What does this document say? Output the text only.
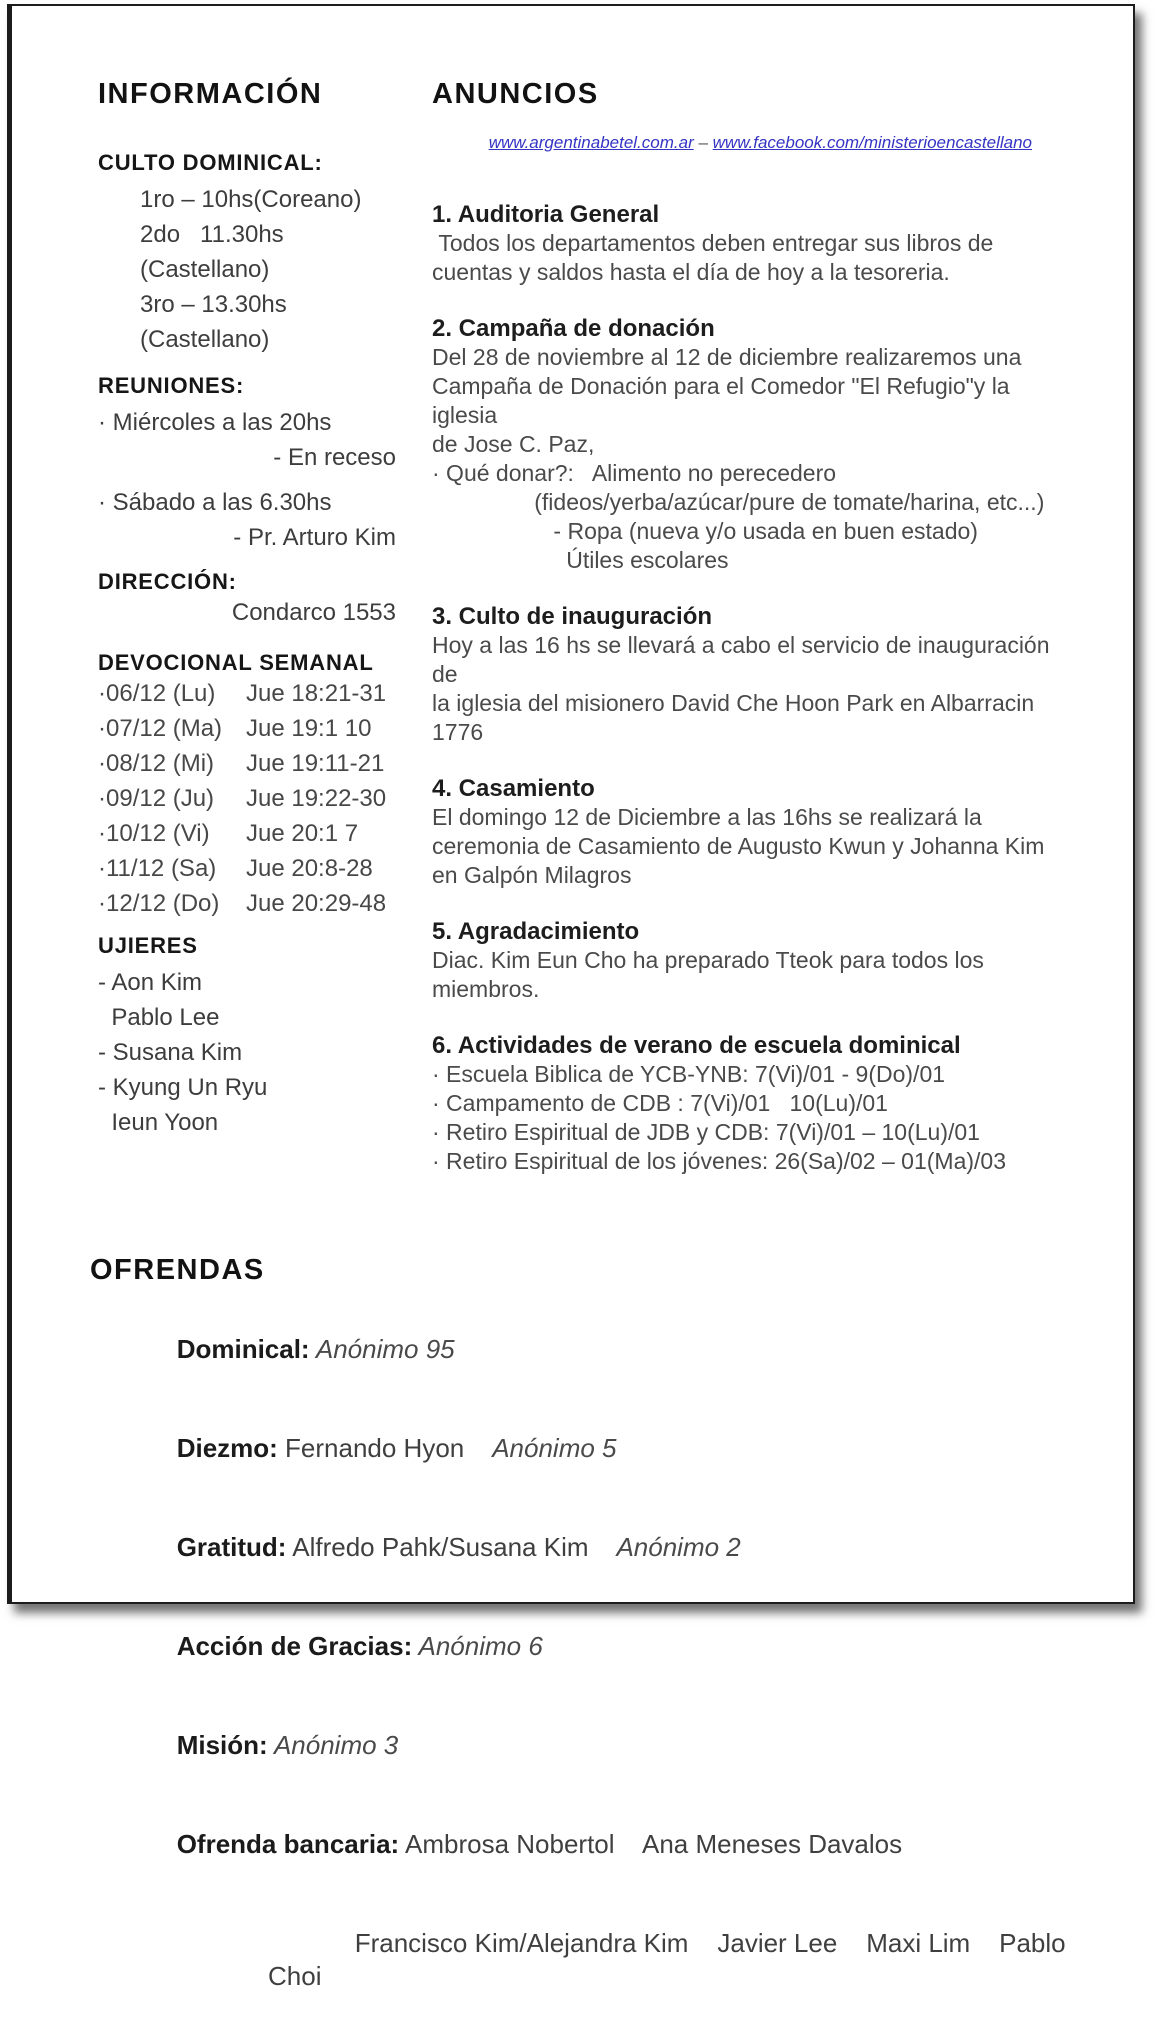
INFORMACIÓN
CULTO DOMINICAL:
1ro – 10hs(Coreano)
2do   11.30hs (Castellano)
3ro – 13.30hs (Castellano)
REUNIONES:
· Miércoles a las 20hs
- En receso
· Sábado a las 6.30hs
- Pr. Arturo Kim
DIRECCIÓN:
Condarco 1553
DEVOCIONAL SEMANAL
·06/12 (Lu)	Jue 18:21-31
·07/12 (Ma) Jue 19:1 10
·08/12 (Mi)	Jue 19:11-21
·09/12 (Ju)	Jue 19:22-30
·10/12 (Vi)	Jue 20:1 7
·11/12 (Sa)	Jue 20:8-28
·12/12 (Do)	Jue 20:29-48
UJIERES
- Aon Kim
Pablo Lee
- Susana Kim
- Kyung Un Ryu
Ieun Yoon
ANUNCIOS

www.argentinabetel.com.ar – www.facebook.com/ministerioencastellano

1. Auditoria General
Todos los departamentos deben entregar sus libros de
cuentas y saldos hasta el día de hoy a la tesoreria.
2. Campaña de donación
Del 28 de noviembre al 12 de diciembre realizaremos una
Campaña de Donación para el Comedor "El Refugio"y la iglesia
de Jose C. Paz,
· Qué donar?:   Alimento no perecedero
(fideos/yerba/azúcar/pure de tomate/harina, etc...)
- Ropa (nueva y/o usada en buen estado)
Útiles escolares
3. Culto de inauguración
Hoy a las 16 hs se llevará a cabo el servicio de inauguración de
la iglesia del misionero David Che Hoon Park en Albarracin
1776
4. Casamiento
El domingo 12 de Diciembre a las 16hs se realizará la
ceremonia de Casamiento de Augusto Kwun y Johanna Kim
en Galpón Milagros
5. Agradacimiento
Diac. Kim Eun Cho ha preparado Tteok para todos los
miembros.
6. Actividades de verano de escuela dominical
· Escuela Biblica de YCB-YNB: 7(Vi)/01 - 9(Do)/01
· Campamento de CDB : 7(Vi)/01   10(Lu)/01
· Retiro Espiritual de JDB y CDB: 7(Vi)/01 – 10(Lu)/01
· Retiro Espiritual de los jóvenes: 26(Sa)/02 – 01(Ma)/03
OFRENDAS

Dominical: Anónimo 95

Diezmo: Fernando Hyon    Anónimo 5

Gratitud: Alfredo Pahk/Susana Kim    Anónimo 2

Acción de Gracias: Anónimo 6

Misión: Anónimo 3

Ofrenda bancaria: Ambrosa Nobertol    Ana Meneses Davalos

Francisco Kim/Alejandra Kim    Javier Lee    Maxi Lim    Pablo Choi
